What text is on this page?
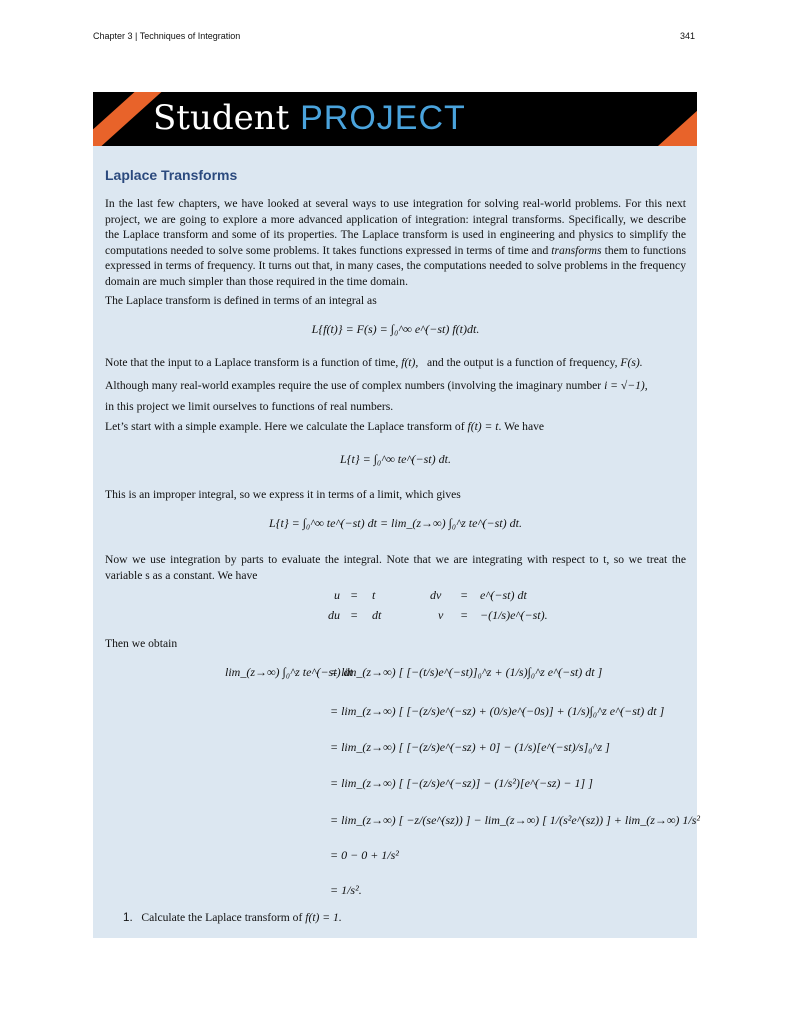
Chapter 3 | Techniques of Integration	341
Student PROJECT
Laplace Transforms
In the last few chapters, we have looked at several ways to use integration for solving real-world problems. For this next project, we are going to explore a more advanced application of integration: integral transforms. Specifically, we describe the Laplace transform and some of its properties. The Laplace transform is used in engineering and physics to simplify the computations needed to solve some problems. It takes functions expressed in terms of time and transforms them to functions expressed in terms of frequency. It turns out that, in many cases, the computations needed to solve problems in the frequency domain are much simpler than those required in the time domain.
The Laplace transform is defined in terms of an integral as
L{f(t)} = F(s) = ∫₀^∞ e^(−st) f(t)dt.
Note that the input to a Laplace transform is a function of time, f(t), and the output is a function of frequency, F(s).
Although many real-world examples require the use of complex numbers (involving the imaginary number i = √−1),
in this project we limit ourselves to functions of real numbers.
Let’s start with a simple example. Here we calculate the Laplace transform of f(t) = t. We have
L{t} = ∫₀^∞ te^(−st) dt.
This is an improper integral, so we express it in terms of a limit, which gives
L{t} = ∫₀^∞ te^(−st) dt = lim_(z→∞) ∫₀^z te^(−st) dt.
Now we use integration by parts to evaluate the integral. Note that we are integrating with respect to t, so we treat the variable s as a constant. We have
u = t	dv = e^(−st) dt
du = dt	v = −(1/s)e^(−st).
Then we obtain
lim_(z→∞) ∫₀^z te^(−st) dt
= lim_(z→∞) [ [−(t/s)e^(−st)]₀^z + (1/s)∫₀^z e^(−st) dt ]
= lim_(z→∞) [ [−(z/s)e^(−sz) + (0/s)e^(−0s)] + (1/s)∫₀^z e^(−st) dt ]
= lim_(z→∞) [ [−(z/s)e^(−sz) + 0] − (1/s)[e^(−st)/s]₀^z ]
= lim_(z→∞) [ [−(z/s)e^(−sz)] − (1/s²)[e^(−sz) − 1] ]
= lim_(z→∞) [ −z/(se^(sz)) ] − lim_(z→∞) [ 1/(s²e^(sz)) ] + lim_(z→∞) 1/s²
= 0 − 0 + 1/s²
= 1/s².
1. Calculate the Laplace transform of f(t) = 1.
